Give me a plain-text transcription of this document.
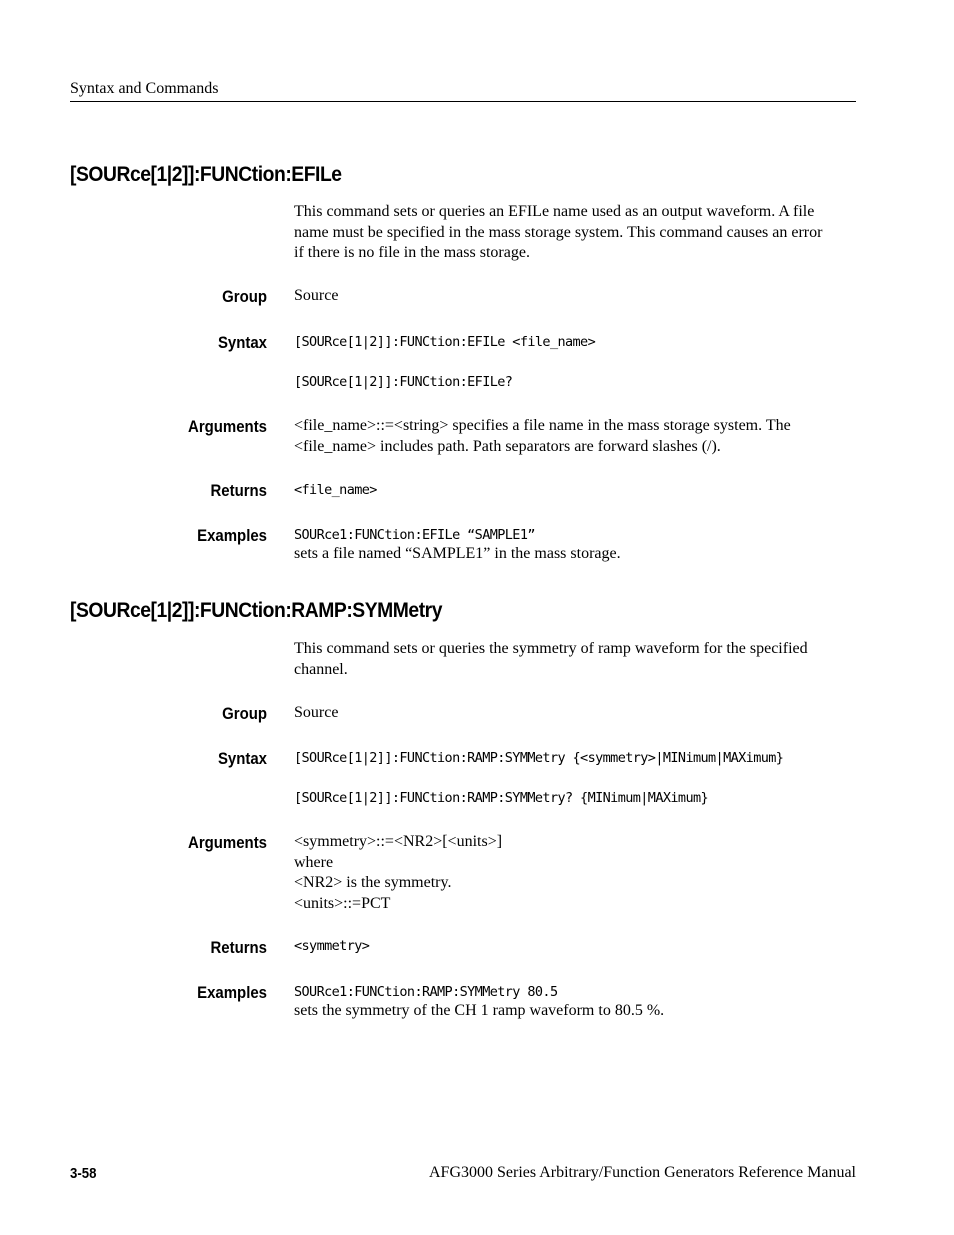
Syntax and Commands
[SOURce[1|2]]:FUNCtion:EFILe
This command sets or queries an EFILe name used as an output waveform. A file
name must be specified in the mass storage system. This command causes an error
if there is no file in the mass storage.
Group Source
Syntax [SOURce[1|2]]:FUNCtion:EFILe <file_name>
[SOURce[1|2]]:FUNCtion:EFILe?
Arguments <file_name>::=<string> specifies a file name in the mass storage system. The
<file_name> includes path. Path separators are forward slashes (/).
Returns <file_name>
Examples SOURce1:FUNCtion:EFILe “SAMPLE1”
sets a file named “SAMPLE1” in the mass storage.
[SOURce[1|2]]:FUNCtion:RAMP:SYMMetry
This command sets or queries the symmetry of ramp waveform for the specified
channel.
Group Source
Syntax [SOURce[1|2]]:FUNCtion:RAMP:SYMMetry {<symmetry>|MINimum|MAXimum}
[SOURce[1|2]]:FUNCtion:RAMP:SYMMetry? {MINimum|MAXimum}
Arguments <symmetry>::=<NR2>[<units>]
where
<NR2> is the symmetry.
<units>::=PCT
Returns <symmetry>
Examples SOURce1:FUNCtion:RAMP:SYMMetry 80.5
sets the symmetry of the CH 1 ramp waveform to 80.5 %.
3-58	AFG3000 Series Arbitrary/Function Generators Reference Manual
